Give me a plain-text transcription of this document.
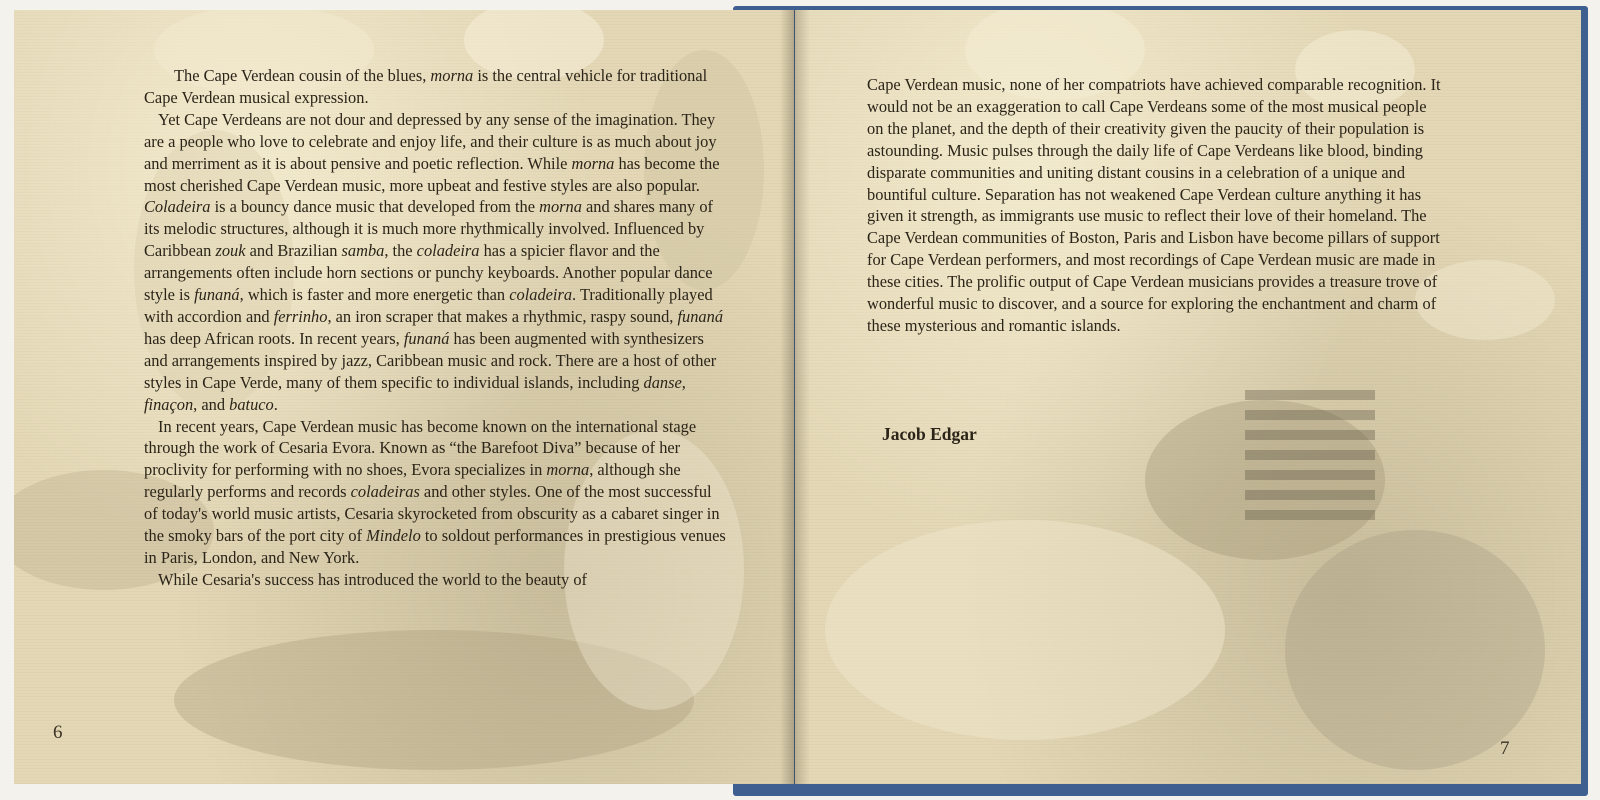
The Cape Verdean cousin of the blues, morna is the central vehicle for traditional Cape Verdean musical expression.

Yet Cape Verdeans are not dour and depressed by any sense of the imagination. They are a people who love to celebrate and enjoy life, and their culture is as much about joy and merriment as it is about pensive and poetic reflection. While morna has become the most cherished Cape Verdean music, more upbeat and festive styles are also popular. Coladeira is a bouncy dance music that developed from the morna and shares many of its melodic structures, although it is much more rhythmically involved. Influenced by Caribbean zouk and Brazilian samba, the coladeira has a spicier flavor and the arrangements often include horn sections or punchy keyboards. Another popular dance style is funaná, which is faster and more energetic than coladeira. Traditionally played with accordion and ferrinho, an iron scraper that makes a rhythmic, raspy sound, funaná has deep African roots. In recent years, funaná has been augmented with synthesizers and arrangements inspired by jazz, Caribbean music and rock. There are a host of other styles in Cape Verde, many of them specific to individual islands, including danse, finaçon, and batuco.

In recent years, Cape Verdean music has become known on the international stage through the work of Cesaria Evora. Known as “the Barefoot Diva” because of her proclivity for performing with no shoes, Evora specializes in morna, although she regularly performs and records coladeiras and other styles. One of the most successful of today's world music artists, Cesaria skyrocketed from obscurity as a cabaret singer in the smoky bars of the port city of Mindelo to soldout performances in prestigious venues in Paris, London, and New York.

While Cesaria's success has introduced the world to the beauty of

6

Cape Verdean music, none of her compatriots have achieved comparable recognition. It would not be an exaggeration to call Cape Verdeans some of the most musical people on the planet, and the depth of their creativity given the paucity of their population is astounding. Music pulses through the daily life of Cape Verdeans like blood, binding disparate communities and uniting distant cousins in a celebration of a unique and bountiful culture. Separation has not weakened Cape Verdean culture anything it has given it strength, as immigrants use music to reflect their love of their homeland. The Cape Verdean communities of Boston, Paris and Lisbon have become pillars of support for Cape Verdean performers, and most recordings of Cape Verdean music are made in these cities. The prolific output of Cape Verdean musicians provides a treasure trove of wonderful music to discover, and a source for exploring the enchantment and charm of these mysterious and romantic islands.

Jacob Edgar
7
